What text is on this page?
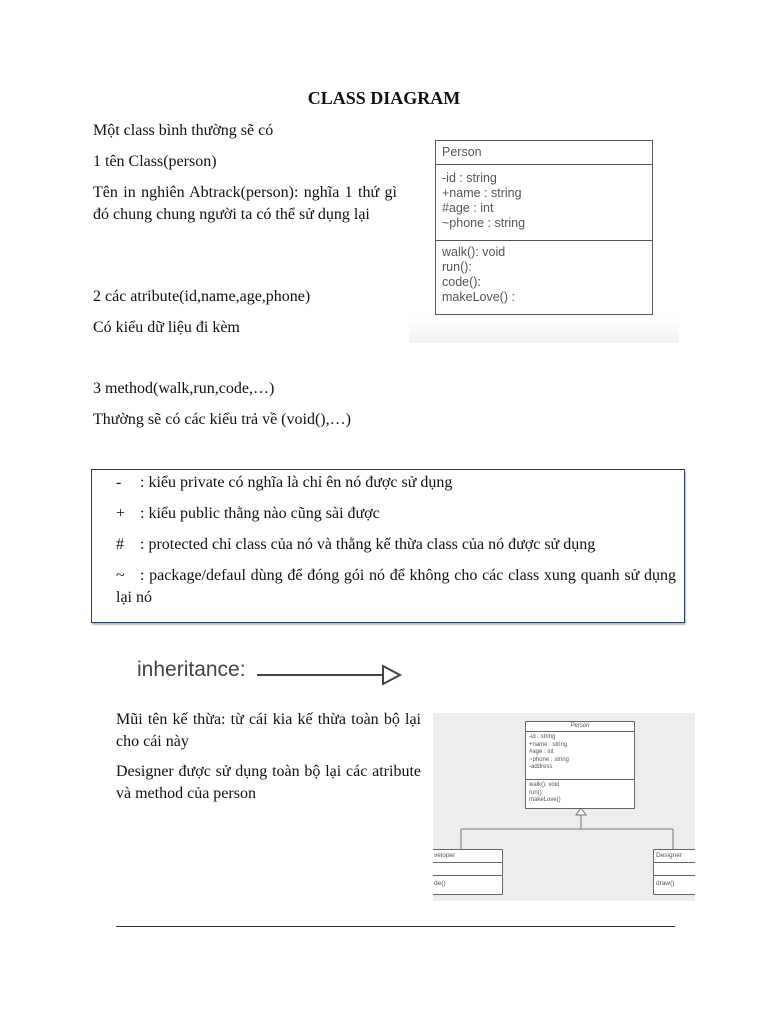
CLASS DIAGRAM
Một class bình thường sẽ có
1 tên Class(person)
Tên in nghiên Abtrack(person): nghĩa 1 thứ gì đó chung chung người ta có thể sử dụng lại
2 các atribute(id,name,age,phone)
Có kiểu dữ liệu đi kèm
3 method(walk,run,code,…)
Thường sẽ có các kiểu trả về (void(),…)
Person
-id : string
+name : string
#age : int
~phone : string
walk(): void
run():
code():
makeLove() :
- : kiểu private có nghĩa là chỉ ên nó được sử dụng
+ : kiểu public thằng nào cũng sài được
# : protected chỉ class của nó và thằng kế thừa class của nó được sử dụng
~ : package/defaul dùng để đóng gói nó để không cho các class xung quanh sử dụng lại nó
inheritance:
Mũi tên kế thừa: từ cái kia kế thừa toàn bộ lại cho cái này
Designer được sử dụng toàn bộ lại các atribute và method của person
Person
-id : string
+name : string
#age : int
~phone : string
-address
walk(): void
run():
makeLove()
veloper
de()
Designer
draw()
